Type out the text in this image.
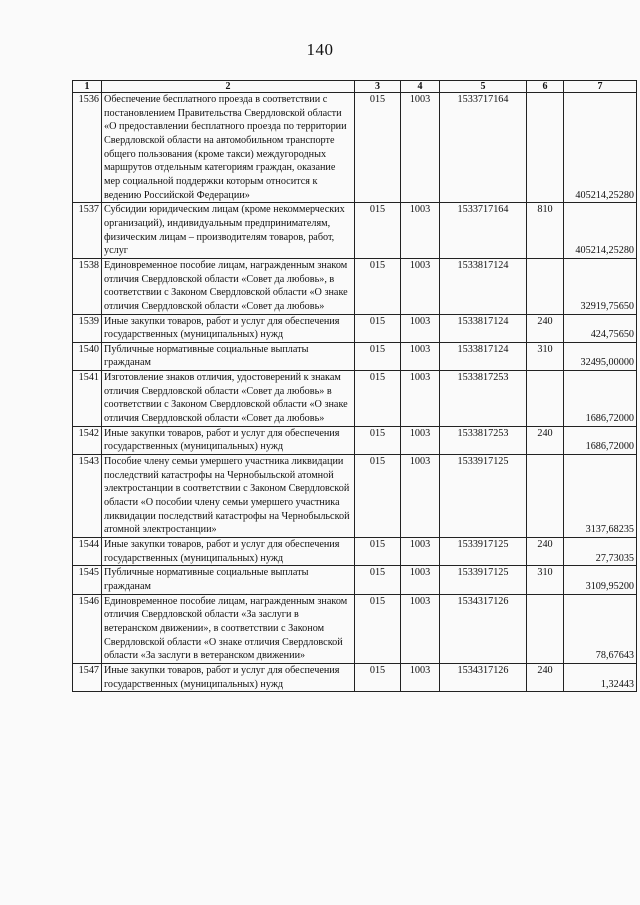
140
1	2	3	4	5	6	7
1536	Обеспечение бесплатного проезда в соответствии с постановлением Правительства Свердловской области «О предоставлении бесплатного проезда по территории Свердловской области на автомобильном транспорте общего пользования (кроме такси) междугородных маршрутов отдельным категориям граждан, оказание мер социальной поддержки которым относится к ведению Российской Федерации»	015	1003	1533717164		405214,25280
1537	Субсидии юридическим лицам (кроме некоммерческих организаций), индивидуальным предпринимателям, физическим лицам – производителям товаров, работ, услуг	015	1003	1533717164	810	405214,25280
1538	Единовременное пособие лицам, награжденным знаком отличия Свердловской области «Совет да любовь», в соответствии с Законом Свердловской области «О знаке отличия Свердловской области «Совет да любовь»	015	1003	1533817124		32919,75650
1539	Иные закупки товаров, работ и услуг для обеспечения государственных (муниципальных) нужд	015	1003	1533817124	240	424,75650
1540	Публичные нормативные социальные выплаты гражданам	015	1003	1533817124	310	32495,00000
1541	Изготовление знаков отличия, удостоверений к знакам отличия Свердловской области «Совет да любовь» в соответствии с Законом Свердловской области «О знаке отличия Свердловской области «Совет да любовь»	015	1003	1533817253		1686,72000
1542	Иные закупки товаров, работ и услуг для обеспечения государственных (муниципальных) нужд	015	1003	1533817253	240	1686,72000
1543	Пособие члену семьи умершего участника ликвидации последствий катастрофы на Чернобыльской атомной электростанции в соответствии с Законом Свердловской области «О пособии члену семьи умершего участника ликвидации последствий катастрофы на Чернобыльской атомной электростанции»	015	1003	1533917125		3137,68235
1544	Иные закупки товаров, работ и услуг для обеспечения государственных (муниципальных) нужд	015	1003	1533917125	240	27,73035
1545	Публичные нормативные социальные выплаты гражданам	015	1003	1533917125	310	3109,95200
1546	Единовременное пособие лицам, награжденным знаком отличия Свердловской области «За заслуги в ветеранском движении», в соответствии с Законом Свердловской области «О знаке отличия Свердловской области «За заслуги в ветеранском движении»	015	1003	1534317126		78,67643
1547	Иные закупки товаров, работ и услуг для обеспечения государственных (муниципальных) нужд	015	1003	1534317126	240	1,32443
